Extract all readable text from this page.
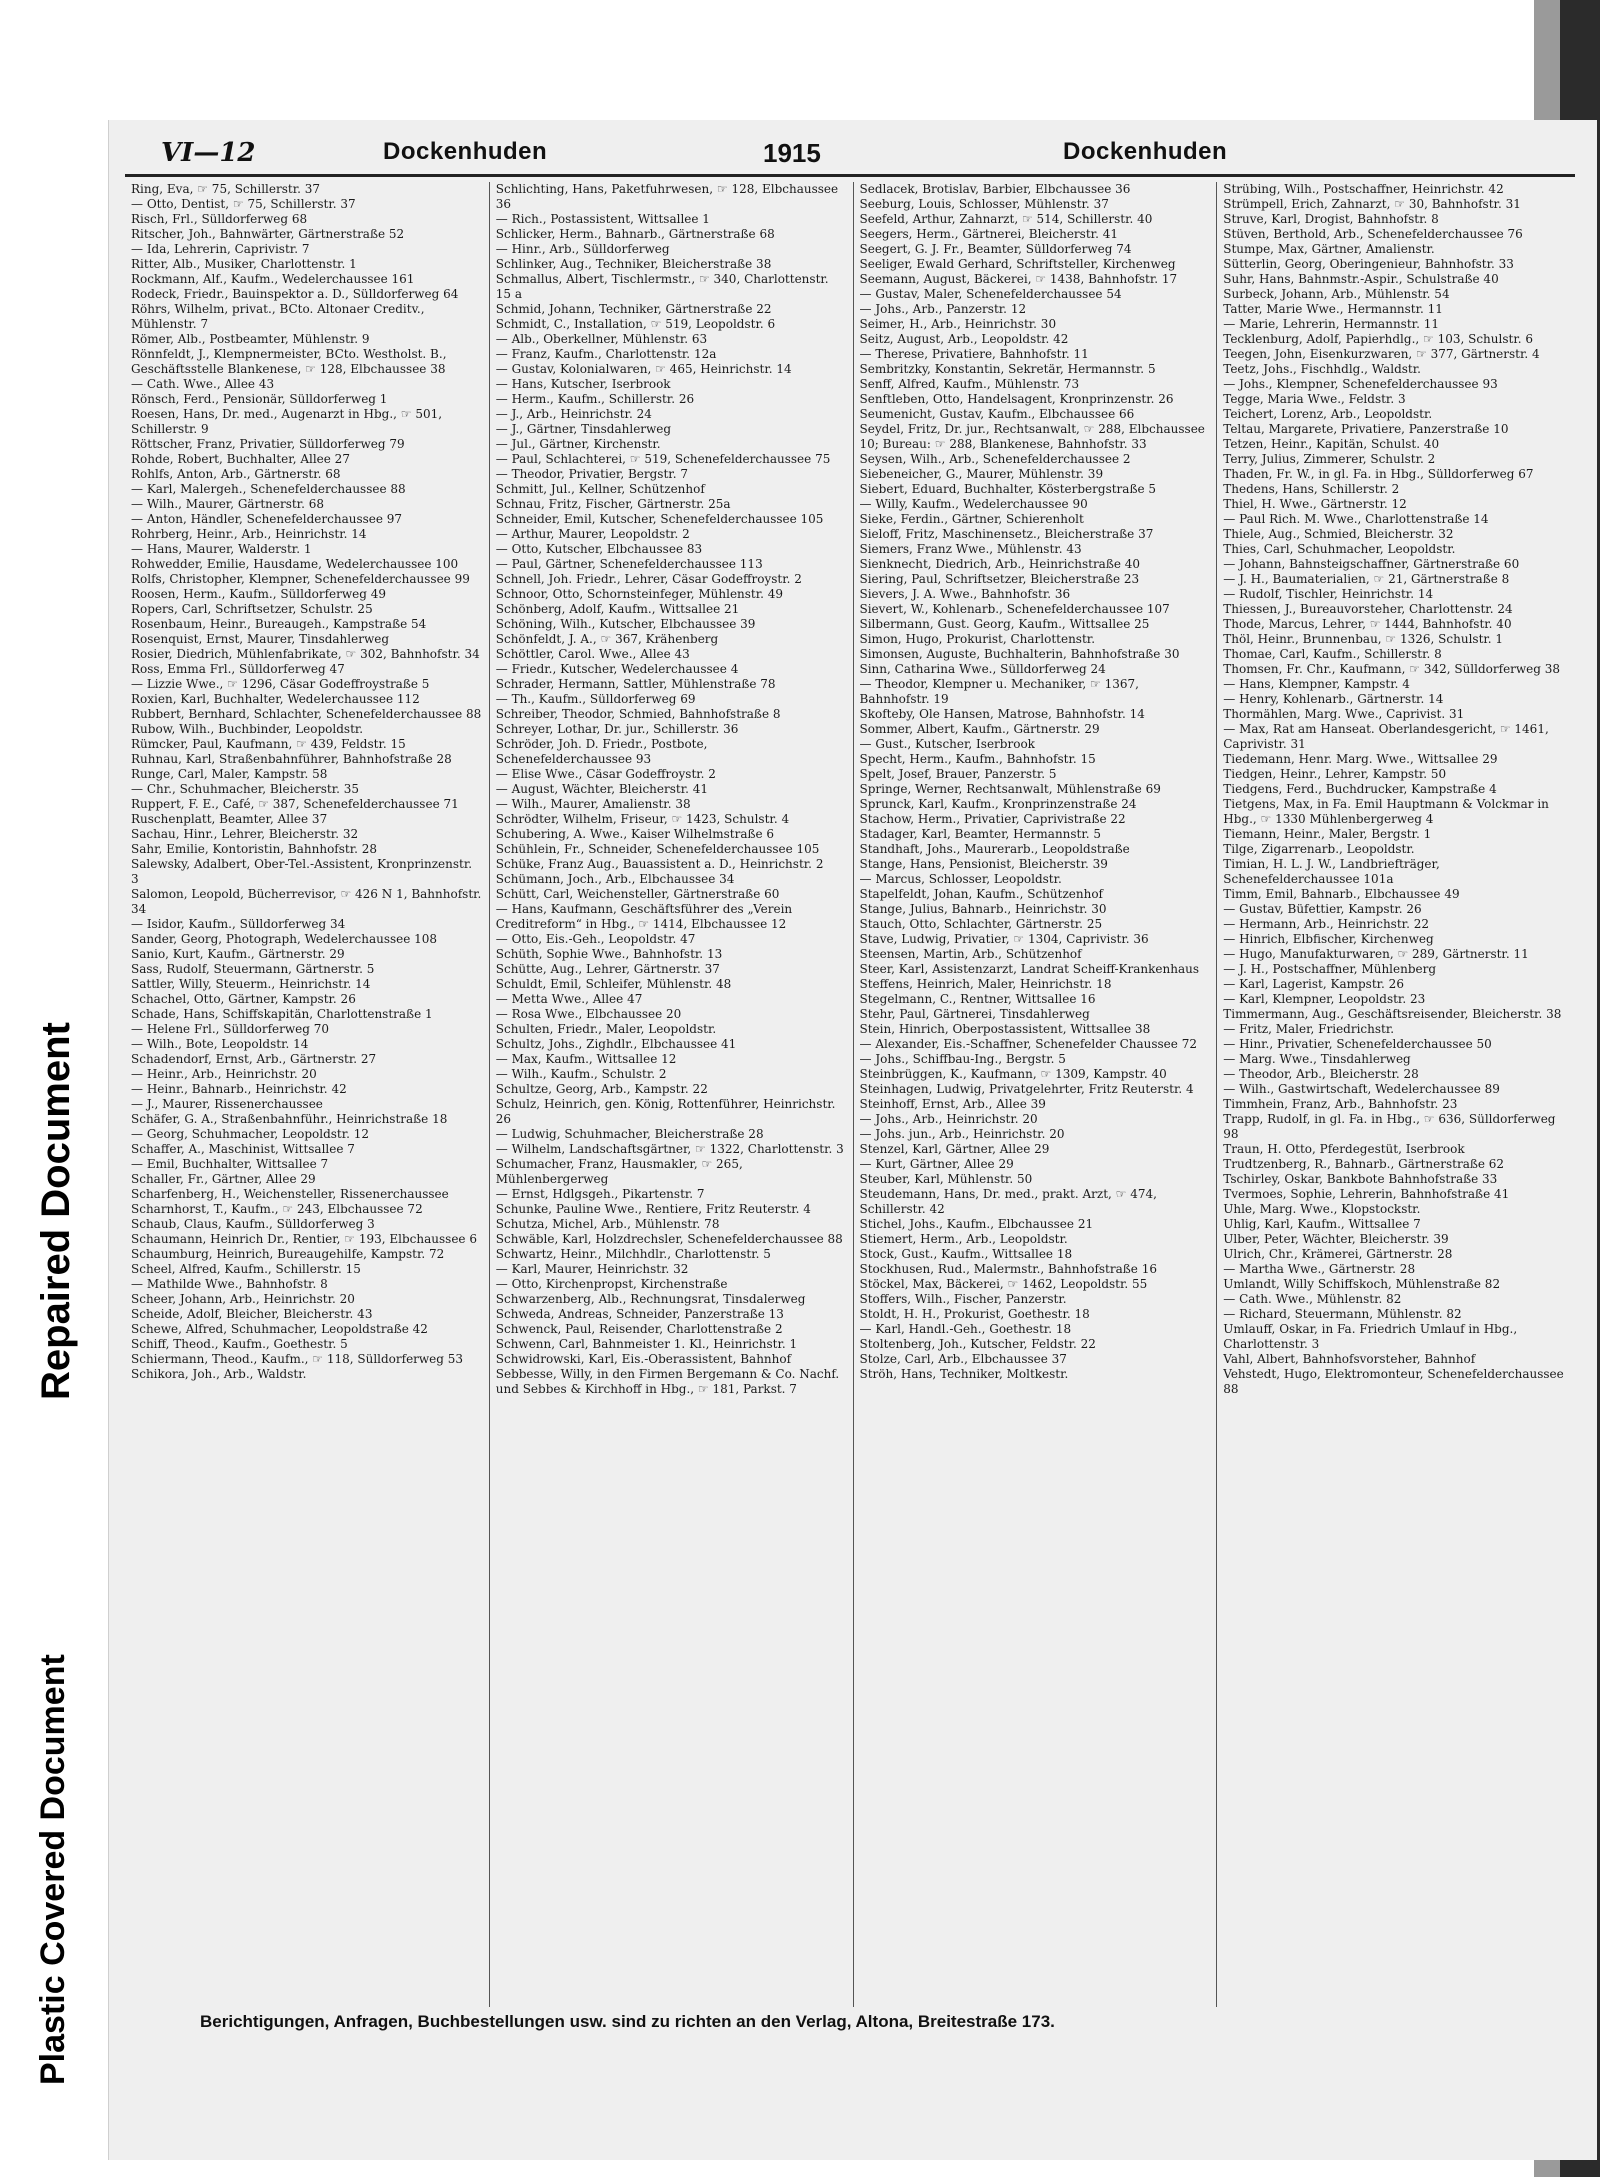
Repaired Document
Plastic Covered Document
VI—12	Dockenhuden	1915	Dockenhuden

Ring, Eva, ☞ 75, Schillerstr. 37

— Otto, Dentist, ☞ 75, Schillerstr. 37

Risch, Frl., Sülldorferweg 68

Ritscher, Joh., Bahnwärter, Gärtnerstraße 52

— Ida, Lehrerin, Caprivistr. 7

Ritter, Alb., Musiker, Charlottenstr. 1

Rockmann, Alf., Kaufm., Wedelerchaussee 161

Rodeck, Friedr., Bauinspektor a. D., Sülldorferweg 64

Röhrs, Wilhelm, privat., BCto. Altonaer Creditv., Mühlenstr. 7

Römer, Alb., Postbeamter, Mühlenstr. 9

Rönnfeldt, J., Klempnermeister, BCto. Westholst. B., Geschäftsstelle Blankenese, ☞ 128, Elbchaussee 38

— Cath. Wwe., Allee 43

Rönsch, Ferd., Pensionär, Sülldorferweg 1

Roesen, Hans, Dr. med., Augenarzt in Hbg., ☞ 501, Schillerstr. 9

Röttscher, Franz, Privatier, Sülldorferweg 79

Rohde, Robert, Buchhalter, Allee 27

Rohlfs, Anton, Arb., Gärtnerstr. 68

— Karl, Malergeh., Schenefelderchaussee 88

— Wilh., Maurer, Gärtnerstr. 68

— Anton, Händler, Schenefelderchaussee 97

Rohrberg, Heinr., Arb., Heinrichstr. 14

— Hans, Maurer, Walderstr. 1

Rohwedder, Emilie, Hausdame, Wedelerchaussee 100

Rolfs, Christopher, Klempner, Schenefelderchaussee 99

Roosen, Herm., Kaufm., Sülldorferweg 49

Ropers, Carl, Schriftsetzer, Schulstr. 25

Rosenbaum, Heinr., Bureaugeh., Kampstraße 54

Rosenquist, Ernst, Maurer, Tinsdahlerweg

Rosier, Diedrich, Mühlenfabrikate, ☞ 302, Bahnhofstr. 34

Ross, Emma Frl., Sülldorferweg 47

— Lizzie Wwe., ☞ 1296, Cäsar Godeffroystraße 5

Roxien, Karl, Buchhalter, Wedelerchaussee 112

Rubbert, Bernhard, Schlachter, Schenefelderchaussee 88

Rubow, Wilh., Buchbinder, Leopoldstr.

Rümcker, Paul, Kaufmann, ☞ 439, Feldstr. 15

Ruhnau, Karl, Straßenbahnführer, Bahnhofstraße 28

Runge, Carl, Maler, Kampstr. 58

— Chr., Schuhmacher, Bleicherstr. 35

Ruppert, F. E., Café, ☞ 387, Schenefelderchaussee 71

Ruschenplatt, Beamter, Allee 37

Sachau, Hinr., Lehrer, Bleicherstr. 32

Sahr, Emilie, Kontoristin, Bahnhofstr. 28

Salewsky, Adalbert, Ober-Tel.-Assistent, Kronprinzenstr. 3

Salomon, Leopold, Bücherrevisor, ☞ 426 N 1, Bahnhofstr. 34

— Isidor, Kaufm., Sülldorferweg 34

Sander, Georg, Photograph, Wedelerchaussee 108

Sanio, Kurt, Kaufm., Gärtnerstr. 29

Sass, Rudolf, Steuermann, Gärtnerstr. 5

Sattler, Willy, Steuerm., Heinrichstr. 14

Schachel, Otto, Gärtner, Kampstr. 26

Schade, Hans, Schiffskapitän, Charlottenstraße 1

— Helene Frl., Sülldorferweg 70

— Wilh., Bote, Leopoldstr. 14

Schadendorf, Ernst, Arb., Gärtnerstr. 27

— Heinr., Arb., Heinrichstr. 20

— Heinr., Bahnarb., Heinrichstr. 42

— J., Maurer, Rissenerchaussee

Schäfer, G. A., Straßenbahnführ., Heinrichstraße 18

— Georg, Schuhmacher, Leopoldstr. 12

Schaffer, A., Maschinist, Wittsallee 7

— Emil, Buchhalter, Wittsallee 7

Schaller, Fr., Gärtner, Allee 29

Scharfenberg, H., Weichensteller, Rissenerchaussee

Scharnhorst, T., Kaufm., ☞ 243, Elbchaussee 72

Schaub, Claus, Kaufm., Sülldorferweg 3

Schaumann, Heinrich Dr., Rentier, ☞ 193, Elbchaussee 6

Schaumburg, Heinrich, Bureaugehilfe, Kampstr. 72

Scheel, Alfred, Kaufm., Schillerstr. 15

— Mathilde Wwe., Bahnhofstr. 8

Scheer, Johann, Arb., Heinrichstr. 20

Scheide, Adolf, Bleicher, Bleicherstr. 43

Schewe, Alfred, Schuhmacher, Leopoldstraße 42

Schiff, Theod., Kaufm., Goethestr. 5

Schiermann, Theod., Kaufm., ☞ 118, Sülldorferweg 53

Schikora, Joh., Arb., Waldstr.

Schlichting, Hans, Paketfuhrwesen, ☞ 128, Elbchaussee 36

— Rich., Postassistent, Wittsallee 1

Schlicker, Herm., Bahnarb., Gärtnerstraße 68

— Hinr., Arb., Sülldorferweg

Schlinker, Aug., Techniker, Bleicherstraße 38

Schmallus, Albert, Tischlermstr., ☞ 340, Charlottenstr. 15 a

Schmid, Johann, Techniker, Gärtnerstraße 22

Schmidt, C., Installation, ☞ 519, Leopoldstr. 6

— Alb., Oberkellner, Mühlenstr. 63

— Franz, Kaufm., Charlottenstr. 12a

— Gustav, Kolonialwaren, ☞ 465, Heinrichstr. 14

— Hans, Kutscher, Iserbrook

— Herm., Kaufm., Schillerstr. 26

— J., Arb., Heinrichstr. 24

— J., Gärtner, Tinsdahlerweg

— Jul., Gärtner, Kirchenstr.

— Paul, Schlachterei, ☞ 519, Schenefelderchaussee 75

— Theodor, Privatier, Bergstr. 7

Schmitt, Jul., Kellner, Schützenhof

Schnau, Fritz, Fischer, Gärtnerstr. 25a

Schneider, Emil, Kutscher, Schenefelderchaussee 105

— Arthur, Maurer, Leopoldstr. 2

— Otto, Kutscher, Elbchaussee 83

— Paul, Gärtner, Schenefelderchaussee 113

Schnell, Joh. Friedr., Lehrer, Cäsar Godeffroystr. 2

Schnoor, Otto, Schornsteinfeger, Mühlenstr. 49

Schönberg, Adolf, Kaufm., Wittsallee 21

Schöning, Wilh., Kutscher, Elbchaussee 39

Schönfeldt, J. A., ☞ 367, Krähenberg

Schöttler, Carol. Wwe., Allee 43

— Friedr., Kutscher, Wedelerchaussee 4

Schrader, Hermann, Sattler, Mühlenstraße 78

— Th., Kaufm., Sülldorferweg 69

Schreiber, Theodor, Schmied, Bahnhofstraße 8

Schreyer, Lothar, Dr. jur., Schillerstr. 36

Schröder, Joh. D. Friedr., Postbote, Schenefelderchaussee 93

— Elise Wwe., Cäsar Godeffroystr. 2

— August, Wächter, Bleicherstr. 41

— Wilh., Maurer, Amalienstr. 38

Schrödter, Wilhelm, Friseur, ☞ 1423, Schulstr. 4

Schubering, A. Wwe., Kaiser Wilhelmstraße 6

Schühlein, Fr., Schneider, Schenefelderchaussee 105

Schüke, Franz Aug., Bauassistent a. D., Heinrichstr. 2

Schümann, Joch., Arb., Elbchaussee 34

Schütt, Carl, Weichensteller, Gärtnerstraße 60

— Hans, Kaufmann, Geschäftsführer des „Verein Creditreform“ in Hbg., ☞ 1414, Elbchaussee 12

— Otto, Eis.-Geh., Leopoldstr. 47

Schüth, Sophie Wwe., Bahnhofstr. 13

Schütte, Aug., Lehrer, Gärtnerstr. 37

Schuldt, Emil, Schleifer, Mühlenstr. 48

— Metta Wwe., Allee 47

— Rosa Wwe., Elbchaussee 20

Schulten, Friedr., Maler, Leopoldstr.

Schultz, Johs., Zighdlr., Elbchaussee 41

— Max, Kaufm., Wittsallee 12

— Wilh., Kaufm., Schulstr. 2

Schultze, Georg, Arb., Kampstr. 22

Schulz, Heinrich, gen. König, Rottenführer, Heinrichstr. 26

— Ludwig, Schuhmacher, Bleicherstraße 28

— Wilhelm, Landschaftsgärtner, ☞ 1322, Charlottenstr. 3

Schumacher, Franz, Hausmakler, ☞ 265, Mühlenbergerweg

— Ernst, Hdlgsgeh., Pikartenstr. 7

Schunke, Pauline Wwe., Rentiere, Fritz Reuterstr. 4

Schutza, Michel, Arb., Mühlenstr. 78

Schwäble, Karl, Holzdrechsler, Schenefelderchaussee 88

Schwartz, Heinr., Milchhdlr., Charlottenstr. 5

— Karl, Maurer, Heinrichstr. 32

— Otto, Kirchenpropst, Kirchenstraße

Schwarzenberg, Alb., Rechnungsrat, Tinsdalerweg

Schweda, Andreas, Schneider, Panzerstraße 13

Schwenck, Paul, Reisender, Charlottenstraße 2

Schwenn, Carl, Bahnmeister 1. Kl., Heinrichstr. 1

Schwidrowski, Karl, Eis.-Oberassistent, Bahnhof

Sebbesse, Willy, in den Firmen Bergemann & Co. Nachf. und Sebbes & Kirchhoff in Hbg., ☞ 181, Parkst. 7

Sedlacek, Brotislav, Barbier, Elbchaussee 36

Seeburg, Louis, Schlosser, Mühlenstr. 37

Seefeld, Arthur, Zahnarzt, ☞ 514, Schillerstr. 40

Seegers, Herm., Gärtnerei, Bleicherstr. 41

Seegert, G. J. Fr., Beamter, Sülldorferweg 74

Seeliger, Ewald Gerhard, Schriftsteller, Kirchenweg

Seemann, August, Bäckerei, ☞ 1438, Bahnhofstr. 17

— Gustav, Maler, Schenefelderchaussee 54

— Johs., Arb., Panzerstr. 12

Seimer, H., Arb., Heinrichstr. 30

Seitz, August, Arb., Leopoldstr. 42

— Therese, Privatiere, Bahnhofstr. 11

Sembritzky, Konstantin, Sekretär, Hermannstr. 5

Senff, Alfred, Kaufm., Mühlenstr. 73

Senftleben, Otto, Handelsagent, Kronprinzenstr. 26

Seumenicht, Gustav, Kaufm., Elbchaussee 66

Seydel, Fritz, Dr. jur., Rechtsanwalt, ☞ 288, Elbchaussee 10; Bureau: ☞ 288, Blankenese, Bahnhofstr. 33

Seysen, Wilh., Arb., Schenefelderchaussee 2

Siebeneicher, G., Maurer, Mühlenstr. 39

Siebert, Eduard, Buchhalter, Kösterbergstraße 5

— Willy, Kaufm., Wedelerchaussee 90

Sieke, Ferdin., Gärtner, Schierenholt

Sieloff, Fritz, Maschinensetz., Bleicherstraße 37

Siemers, Franz Wwe., Mühlenstr. 43

Sienknecht, Diedrich, Arb., Heinrichstraße 40

Siering, Paul, Schriftsetzer, Bleicherstraße 23

Sievers, J. A. Wwe., Bahnhofstr. 36

Sievert, W., Kohlenarb., Schenefelderchaussee 107

Silbermann, Gust. Georg, Kaufm., Wittsallee 25

Simon, Hugo, Prokurist, Charlottenstr.

Simonsen, Auguste, Buchhalterin, Bahnhofstraße 30

Sinn, Catharina Wwe., Sülldorferweg 24

— Theodor, Klempner u. Mechaniker, ☞ 1367, Bahnhofstr. 19

Skofteby, Ole Hansen, Matrose, Bahnhofstr. 14

Sommer, Albert, Kaufm., Gärtnerstr. 29

— Gust., Kutscher, Iserbrook

Specht, Herm., Kaufm., Bahnhofstr. 15

Spelt, Josef, Brauer, Panzerstr. 5

Springe, Werner, Rechtsanwalt, Mühlenstraße 69

Sprunck, Karl, Kaufm., Kronprinzenstraße 24

Stachow, Herm., Privatier, Caprivistraße 22

Stadager, Karl, Beamter, Hermannstr. 5

Standhaft, Johs., Maurerarb., Leopoldstraße

Stange, Hans, Pensionist, Bleicherstr. 39

— Marcus, Schlosser, Leopoldstr.

Stapelfeldt, Johan, Kaufm., Schützenhof

Stange, Julius, Bahnarb., Heinrichstr. 30

Stauch, Otto, Schlachter, Gärtnerstr. 25

Stave, Ludwig, Privatier, ☞ 1304, Caprivistr. 36

Steensen, Martin, Arb., Schützenhof

Steer, Karl, Assistenzarzt, Landrat Scheiff-Krankenhaus

Steffens, Heinrich, Maler, Heinrichstr. 18

Stegelmann, C., Rentner, Wittsallee 16

Stehr, Paul, Gärtnerei, Tinsdahlerweg

Stein, Hinrich, Oberpostassistent, Wittsallee 38

— Alexander, Eis.-Schaffner, Schenefelder Chaussee 72

— Johs., Schiffbau-Ing., Bergstr. 5

Steinbrüggen, K., Kaufmann, ☞ 1309, Kampstr. 40

Steinhagen, Ludwig, Privatgelehrter, Fritz Reuterstr. 4

Steinhoff, Ernst, Arb., Allee 39

— Johs., Arb., Heinrichstr. 20

— Johs. jun., Arb., Heinrichstr. 20

Stenzel, Karl, Gärtner, Allee 29

— Kurt, Gärtner, Allee 29

Steuber, Karl, Mühlenstr. 50

Steudemann, Hans, Dr. med., prakt. Arzt, ☞ 474, Schillerstr. 42

Stichel, Johs., Kaufm., Elbchaussee 21

Stiemert, Herm., Arb., Leopoldstr.

Stock, Gust., Kaufm., Wittsallee 18

Stockhusen, Rud., Malermstr., Bahnhofstraße 16

Stöckel, Max, Bäckerei, ☞ 1462, Leopoldstr. 55

Stoffers, Wilh., Fischer, Panzerstr.

Stoldt, H. H., Prokurist, Goethestr. 18

— Karl, Handl.-Geh., Goethestr. 18

Stoltenberg, Joh., Kutscher, Feldstr. 22

Stolze, Carl, Arb., Elbchaussee 37

Ströh, Hans, Techniker, Moltkestr.

Strübing, Wilh., Postschaffner, Heinrichstr. 42

Strümpell, Erich, Zahnarzt, ☞ 30, Bahnhofstr. 31

Struve, Karl, Drogist, Bahnhofstr. 8

Stüven, Berthold, Arb., Schenefelderchaussee 76

Stumpe, Max, Gärtner, Amalienstr.

Sütterlin, Georg, Oberingenieur, Bahnhofstr. 33

Suhr, Hans, Bahnmstr.-Aspir., Schulstraße 40

Surbeck, Johann, Arb., Mühlenstr. 54

Tatter, Marie Wwe., Hermannstr. 11

— Marie, Lehrerin, Hermannstr. 11

Tecklenburg, Adolf, Papierhdlg., ☞ 103, Schulstr. 6

Teegen, John, Eisenkurzwaren, ☞ 377, Gärtnerstr. 4

Teetz, Johs., Fischhdlg., Waldstr.

— Johs., Klempner, Schenefelderchaussee 93

Tegge, Maria Wwe., Feldstr. 3

Teichert, Lorenz, Arb., Leopoldstr.

Teltau, Margarete, Privatiere, Panzerstraße 10

Tetzen, Heinr., Kapitän, Schulst. 40

Terry, Julius, Zimmerer, Schulstr. 2

Thaden, Fr. W., in gl. Fa. in Hbg., Sülldorferweg 67

Thedens, Hans, Schillerstr. 2

Thiel, H. Wwe., Gärtnerstr. 12

— Paul Rich. M. Wwe., Charlottenstraße 14

Thiele, Aug., Schmied, Bleicherstr. 32

Thies, Carl, Schuhmacher, Leopoldstr.

— Johann, Bahnsteigschaffner, Gärtnerstraße 60

— J. H., Baumaterialien, ☞ 21, Gärtnerstraße 8

— Rudolf, Tischler, Heinrichstr. 14

Thiessen, J., Bureauvorsteher, Charlottenstr. 24

Thode, Marcus, Lehrer, ☞ 1444, Bahnhofstr. 40

Thöl, Heinr., Brunnenbau, ☞ 1326, Schulstr. 1

Thomae, Carl, Kaufm., Schillerstr. 8

Thomsen, Fr. Chr., Kaufmann, ☞ 342, Sülldorferweg 38

— Hans, Klempner, Kampstr. 4

— Henry, Kohlenarb., Gärtnerstr. 14

Thormählen, Marg. Wwe., Caprivist. 31

— Max, Rat am Hanseat. Oberlandesgericht, ☞ 1461, Caprivistr. 31

Tiedemann, Henr. Marg. Wwe., Wittsallee 29

Tiedgen, Heinr., Lehrer, Kampstr. 50

Tiedgens, Ferd., Buchdrucker, Kampstraße 4

Tietgens, Max, in Fa. Emil Hauptmann & Volckmar in Hbg., ☞ 1330 Mühlenbergerweg 4

Tiemann, Heinr., Maler, Bergstr. 1

Tilge, Zigarrenarb., Leopoldstr.

Timian, H. L. J. W., Landbriefträger, Schenefelderchaussee 101a

Timm, Emil, Bahnarb., Elbchaussee 49

— Gustav, Büfettier, Kampstr. 26

— Hermann, Arb., Heinrichstr. 22

— Hinrich, Elbfischer, Kirchenweg

— Hugo, Manufakturwaren, ☞ 289, Gärtnerstr. 11

— J. H., Postschaffner, Mühlenberg

— Karl, Lagerist, Kampstr. 26

— Karl, Klempner, Leopoldstr. 23

Timmermann, Aug., Geschäftsreisender, Bleicherstr. 38

— Fritz, Maler, Friedrichstr.

— Hinr., Privatier, Schenefelderchaussee 50

— Marg. Wwe., Tinsdahlerweg

— Theodor, Arb., Bleicherstr. 28

— Wilh., Gastwirtschaft, Wedelerchaussee 89

Timmhein, Franz, Arb., Bahnhofstr. 23

Trapp, Rudolf, in gl. Fa. in Hbg., ☞ 636, Sülldorferweg 98

Traun, H. Otto, Pferdegestüt, Iserbrook

Trudtzenberg, R., Bahnarb., Gärtnerstraße 62

Tschirley, Oskar, Bankbote Bahnhofstraße 33

Tvermoes, Sophie, Lehrerin, Bahnhofstraße 41

Uhle, Marg. Wwe., Klopstockstr.

Uhlig, Karl, Kaufm., Wittsallee 7

Ulber, Peter, Wächter, Bleicherstr. 39

Ulrich, Chr., Krämerei, Gärtnerstr. 28

— Martha Wwe., Gärtnerstr. 28

Umlandt, Willy Schiffskoch, Mühlenstraße 82

— Cath. Wwe., Mühlenstr. 82

— Richard, Steuermann, Mühlenstr. 82

Umlauff, Oskar, in Fa. Friedrich Umlauf in Hbg., Charlottenstr. 3

Vahl, Albert, Bahnhofsvorsteher, Bahnhof

Vehstedt, Hugo, Elektromonteur, Schenefelderchaussee 88

Berichtigungen, Anfragen, Buchbestellungen usw. sind zu richten an den Verlag, Altona, Breitestraße 173.
